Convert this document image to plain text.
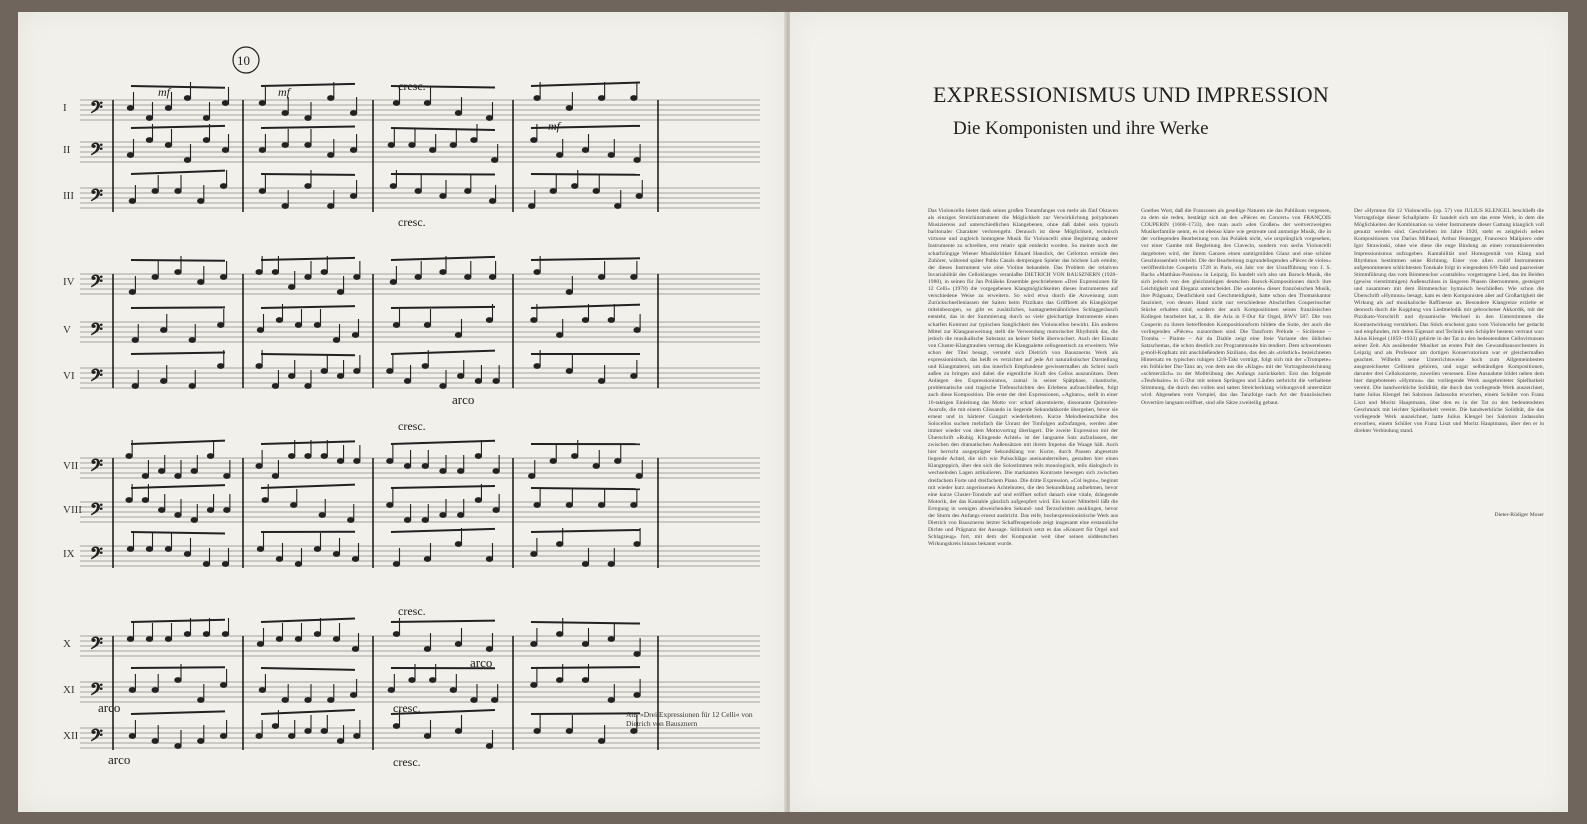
𝄢
𝄢
𝄢
𝄢
𝄢
𝄢
𝄢
𝄢
𝄢
𝄢
𝄢
𝄢
10
cresc.
cresc.
cresc.
cresc.
cresc.
cresc.
arco
arco
arco
arco
mf	mf
mf
I
II
III
IV
V
VI
VII
VIII
IX
X
XI
XII
Aus »Drei Expressionen für 12 Celli« von Dietrich von Bausznern
EXPRESSIONISMUS UND IMPRESSION
Die Komponisten und ihre Werke

Das Violoncello bietet dank seines großen Tonumfanges von mehr als fünf Oktaven als einziges Streichinstrument die Möglichkeit zur Verwirklichung polyphonen Musizierens auf unterschiedlichen Klangebenen, ohne daß dabei sein typisch baritonaler Charakter verlorengeht. Dennoch ist diese Möglichkeit, technisch virtuose und zugleich homogene Musik für Violoncelli ohne Begleitung anderer Instrumente zu schreiben, erst relativ spät entdeckt worden. So meinte noch der scharfzüngige Wiener Musikkritiker Eduard Hanslick, der Cellotton ermüde den Zuhörer, während später Pablo Casals demjenigen Spieler das höchste Lob erteilte, der dieses Instrument wie eine Violine behandele. Das Problem der relativen Invariabilität des Celloklanges veranlaßte DIETRICH VON BAUSZNERN (1928–1980), in seinen für Jan Polášeks Ensemble geschriebenen »Drei Expressionen für 12 Celli« (1978) die vorgegebenen Klangmöglichkeiten dieses Instrumentes auf verschiedene Weise zu erweitern. So wird etwa durch die Anweisung zum Zurückschnellenlassen der Saiten beim Pizzikato das Griffbrett als Klangkörper miteinbezogen, so gibt es zusätzliches, kantagnettenähnliches Schlaggeräusch entsteht, das in der Summierung durch so viele gleichartige Instrumente einen scharfen Kontrast zur typischen Sanglichkeit des Violoncellos bewirkt. Ein anderes Mittel zur Klangausweitung stellt die Verwendung motorischer Rhythmik dar, die jedoch die musikalische Substanz an keiner Stelle überwuchert. Auch der Einsatz von Cluster-Klangtrauben vermag die Klangpalette cellogenetisch zu erweitern. Wie schon der Titel besagt, versteht sich Dietrich von Bausznerns Werk als expressionistisch, das heißt es verzichtet auf jede Art naturalistischer Darstellung und Klangmalerei, um das innerlich Empfundene gewissermaßen als Schrei nach außen zu bringen und dabei die eigentliche Kraft des Cellos auszunützen. Dem Anliegen des Expressionismus, zumal in seiner Spätphase, chaotische, problematische und tragische Tiefenschichten des Erlebens aufzuschließen, folgt auch diese Komposition. Die erste der drei Expressionen, »Agitato«, stellt in einer 16-taktigen Einleitung das Motto vor: scharf akzentuierte, dissonante Quintolen-Ausrufe, die mit einem Glissando in liegende Sekundakkorde übergehen, bevor sie erneut und in härterer Gangart wiederkehren. Kurze Melodieeinschübe des Solocellos suchen mehrfach die Unrast der Tonfolgen aufzufangen, werden aber immer wieder von dem Mottovortrag überlagert. Die zweite Expression mit der Überschrift »Ruhig. Klingende Achtel« ist der langsame Satz aufzufassen, der zwischen den dramatischen Außensätzen mit ihrem Impetus die Waage hält. Auch hier herrscht ausgeprägter Sekundklang vor. Kurze, durch Pausen abgesetzte liegende Achtel, die sich wie Pulsschläge aneinanderreihen, gestalten hier einen Klangteppich, über den sich die Solostimmen teils monologisch, teils dialogisch in wechselnden Lagen artikulieren. Die markanten Kontraste bewegen sich zwischen dreifachem Forte und dreifachem Piano. Die dritte Expression, »Col legno«, beginnt mit wieder kurz angerissenen Achtelnoten, die den Sekundklang aufnehmen, bevor eine kurze Cluster-Tonstufe auf und eröffnet sofort danach eine vitale, drängende Motorik, der das Kantable gänzlich aufgeopfert wird. Ein kurzer Mittelteil läßt die Erregung in wenigen abweichenden Sekund- und Terzschritten ausklingen, bevor der Sturm des Anfangs erneut ausbricht. Das reife, hochexpressionistische Werk aus Dietrich von Bausznerns letzter Schaffensperiode zeigt insgesamt eine erstaunliche Dichte und Prägnanz der Aussage. Stilistisch setzt es das »Konzert für Orgel und Schlagzeug« fort, mit dem der Komponist weit über seinen süddeutschen Wirkungskreis hinaus bekannt wurde.

Goethes Wort, daß die Franzosen als gesellige Naturen nie das Publikum vergessen, zu dem sie reden, bestätigt sich an den »Pièces en Concert« von FRANÇOIS COUPERIN (1668–1733), den man auch »den Großen« der weitverzweigten Musikerfamilie nennt, es ist ebenso klare wie gestreute und anmutige Musik, die in der vorliegenden Bearbeitung von Jan Polášek nicht, wie ursprünglich vorgesehen, vor einer Gambe mit Begleitung des Clavecin, sondern von sechs Violoncelli dargeboten wird, der ihrem Ganzen einen samtigmilden Glanz und eine schöne Geschlossenheit verleiht. Die der Bearbeitung zugrundeliegenden »Pièces de violes« veröffentlichte Couperin 1728 in Paris, ein Jahr vor der Uraufführung von J. S. Bachs »Matthäus-Passion« in Leipzig. Es handelt sich also um Barock-Musik, die sich jedoch von den gleichzeitigen deutschen Barock-Kompositionen durch ihre Leichtigkeit und Eleganz unterscheidet. Die »notetés« dieser französischen Musik, ihre Prägnanz, Deutlichkeit und Geschmeidigkeit, hatte schon den Thomaskantor fasziniert, von dessen Hand nicht nur verschiedene Abschriften Couperinscher Stücke erhalten sind, sondern der auch Kompositionen seines französischen Kollegen bearbeitet hat, z. B. die Aria in F-Dur für Orgel, BWV 587. Die von Couperin zu ihrem betreffenden Kompositionsform bildete die Suite, der auch die vorliegenden »Pièces« zuzuordnen sind. Die Tanzform Prélude – Sicilienne – Tromba – Plainte – Air du Diable zeigt eine freie Variante des üblichen Satzschemas, die schon deutlich zur Programmsuite hin tendiert. Dem schwerelosen g-moll-Kopfsatz mit anschließendem Siziliano, das den als »tröstlich« bezeichneten Hintersatz en typischen ruhigen 12/8-Takt vorträgt, folgt sich mit der »Trompete« ein fröhlicher Dur-Tanz an, von dem aus die »Klage« mit der Vortragsbezeichnung »schmerzlich« zu der Molltrübung des Anfangs zurückkehrt. Erst das folgende »Teufelsaire« in G-Dur mit seinen Sprüngen und Läufen zerbricht die verhaltene Stimmung, die durch den vollen und satten Streicherklang wirkungsvoll unterstützt wird. Abgesehen vom Vorspiel, das das Tanzfolge nach Art der französischen Ouvertüre langsam eröffnet, sind alle Sätze zweiteilig gebaut.

Der »Hymnus für 12 Violoncelli« (op. 57) von JULIUS KLENGEL beschließt die Vortragsfolge dieser Schallplatte. Er handelt sich um das erste Werk, in dem die Möglichkeiten der Kombination so vieler Instrumente dieser Gattung klanglich voll genutzt werden sind. Geschrieben im Jahre 1920, steht es zeitgleich neben Kompositionen von Darius Milhaud, Arthur Honegger, Francesco Malipiero oder Igor Strawinski, ohne wie diese die enge Bindung an einen romantisierenden Impressionismus aufzugeben. Kantabilität und Homogenität von Klang und Rhythmus bestimmen seine Richtung. Einer von allen zwölf Instrumenten aufgenommenen schlichtesten Tonskale folgt in wiegendem 6/8-Takt und paarweiser Stimmführung das vom Bimmenchor »cantabile« vorgetragene Lied, das im Beiden (gewiss vierstimmigen) Außenschluss in längeren Phasen übernommen, gesteigert und zusammen mit dem Bimmenchor hymnisch beschließen. Wie schon die Überschrift »Hymnus« besagt, kam es dem Komponisten aber auf Großartigkeit der Wirkung als auf musikalische Raffinesse an. Besondere Klangreize erzielte er dennoch durch die Kopplung von Liedmelodik mit gebrochener Akkordik, mit der Pizzikato-Vorschrift und dynamische Wechsel in den Unterstimmen die Kontrastwirkung verstärken. Das Stück erscheint ganz vom Violoncello her gedacht und empfunden, mit deren Eigenart und Technik sein Schöpfer bestens vertraut war: Julius Klengel (1859–1933) gehörte in der Tat zu den bedeutendsten Cellovirtuosen seiner Zeit. Als ausübender Musiker an ersten Pult des Gewandhausorchesters in Leipzig und als Professor am dortigen Konservatorium war er gleichermaßen geachtet. Wilhelm seine Unterrichtsweise hoch zum Allgemeinbesten ausgezeichneter Cellisten gehören, und sogar selbständigen Kompositionen, darunter drei Cellokonzerte, zuweilen versessen. Eine Ausnahme bildet neben dem hier dargebotenen »Hymnus« das vorliegende Werk ausgebreiteter Spielbarkeit vereint. Die handwerkliche Solidität, die durch das vorliegende Werk auszeichnet, hatte Julius Klengel bei Salomon Jadassohn erworben, einem Schüler von Franz Liszt und Moritz Hauptmann, über den es in der Tat zu den bedeutendsten Geschmack mit leichter Spielbarkeit vereint. Die handwerkliche Solidität, die das vorliegende Werk auszeichnet, hatte Julius Klengel bei Salomon Jadassohn erworben, einem Schüler von Franz Liszt und Moritz Hauptmann, über den er in direkter Verbindung stand.

Dieter-Rüdiger Moser
